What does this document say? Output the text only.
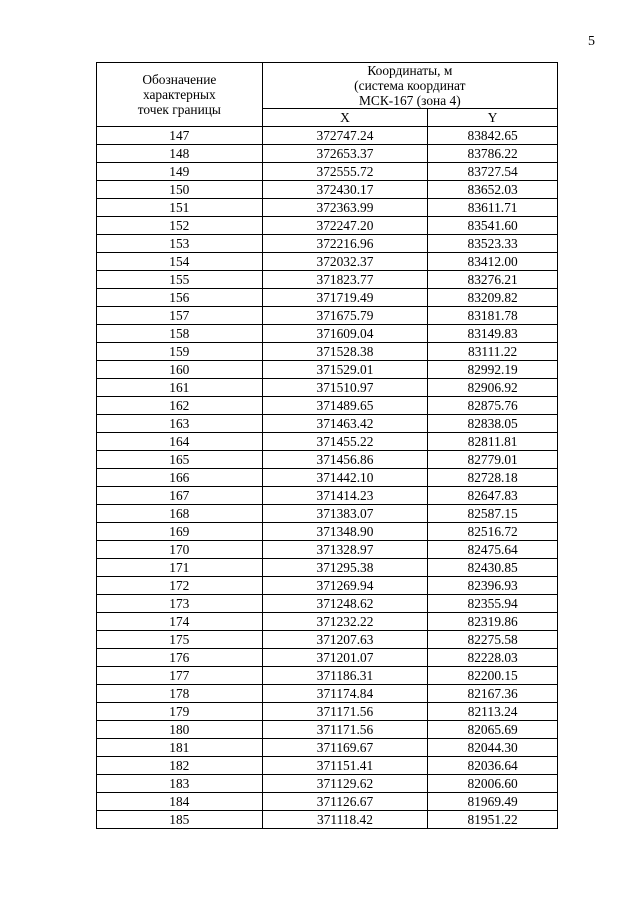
5
Обозначение
характерных
точек границы	Координаты, м
(система координат
МСК-167 (зона 4)	
	X	Y
147	372747.24	83842.65
148	372653.37	83786.22
149	372555.72	83727.54
150	372430.17	83652.03
151	372363.99	83611.71
152	372247.20	83541.60
153	372216.96	83523.33
154	372032.37	83412.00
155	371823.77	83276.21
156	371719.49	83209.82
157	371675.79	83181.78
158	371609.04	83149.83
159	371528.38	83111.22
160	371529.01	82992.19
161	371510.97	82906.92
162	371489.65	82875.76
163	371463.42	82838.05
164	371455.22	82811.81
165	371456.86	82779.01
166	371442.10	82728.18
167	371414.23	82647.83
168	371383.07	82587.15
169	371348.90	82516.72
170	371328.97	82475.64
171	371295.38	82430.85
172	371269.94	82396.93
173	371248.62	82355.94
174	371232.22	82319.86
175	371207.63	82275.58
176	371201.07	82228.03
177	371186.31	82200.15
178	371174.84	82167.36
179	371171.56	82113.24
180	371171.56	82065.69
181	371169.67	82044.30
182	371151.41	82036.64
183	371129.62	82006.60
184	371126.67	81969.49
185	371118.42	81951.22
